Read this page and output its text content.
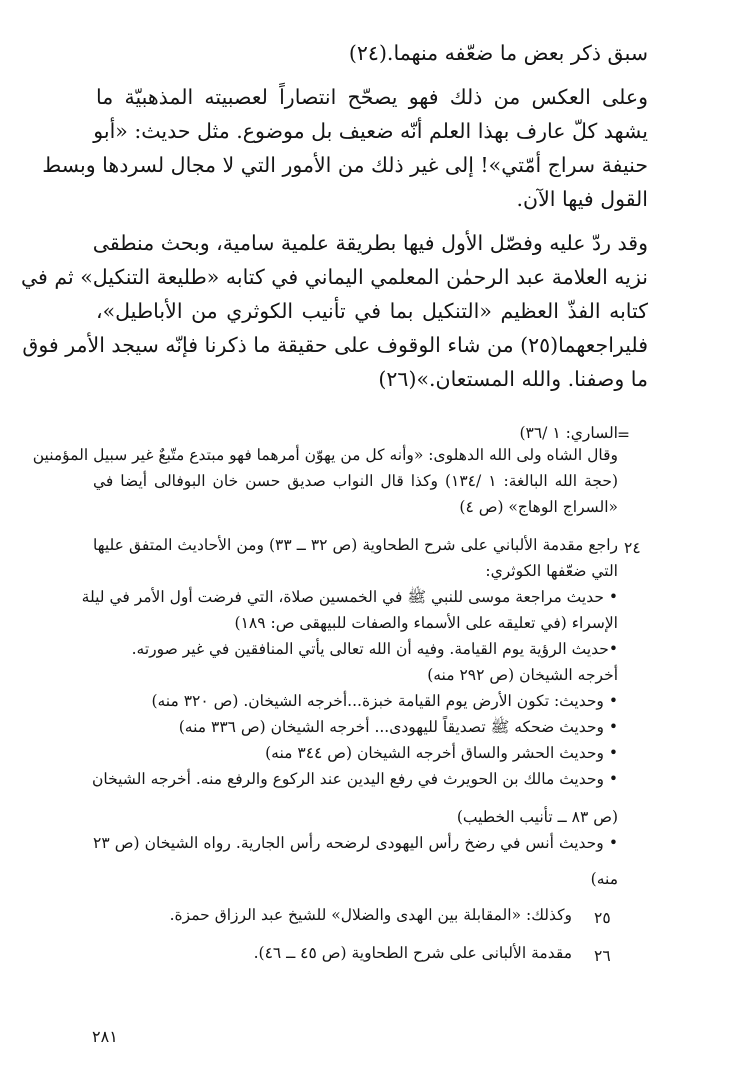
سبق ذكر بعض ما ضعّفه منهما.(٢٤)

وعلى العكس من ذلك فهو يصحّح انتصاراً لعصبيته المذهبيّة ما

يشهد كلّ عارف بهذا العلم أنّه ضعيف بل موضوع. مثل حديث: «أبو

حنيفة سراج أمّتي»! إلى غير ذلك من الأمور التي لا مجال لسردها وبسط

القول فيها الآن.

وقد ردّ عليه وفصّل الأول فيها بطريقة علمية سامية، وبحث منطقى

نزيه العلامة عبد الرحمٰن المعلمي اليماني في كتابه «طليعة التنكيل» ثم في

كتابه الفذّ العظيم «التنكيل بما في تأنيب الكوثري من الأباطيل»،

فليراجعهما(٢٥) من شاء الوقوف على حقيقة ما ذكرنا فإنّه سيجد الأمر فوق

ما وصفنا. والله المستعان.»(٢٦)

=

الساري: ١ /٣٦)

وقال الشاه ولى الله الدهلوى: «وأنه كل من يهوّن أمرهما فهو مبتدع متّبعٌ غير سبيل المؤمنين

(حجة الله البالغة: ١ /١٣٤) وكذا قال النواب صديق حسن خان البوفالى أيضا في

«السراج الوهاج» (ص ٤)

٢٤

راجع مقدمة الألباني على شرح الطحاوية (ص ٣٢ ــ ٣٣) ومن الأحاديث المتفق عليها

التي ضعّفها الكوثري:

• حديث مراجعة موسى للنبي ﷺ في الخمسين صلاة، التي فرضت أول الأمر في ليلة

الإسراء (في تعليقه على الأسماء والصفات للبيهقى ص: ١٨٩)

•حديث الرؤية يوم القيامة. وفيه أن الله تعالى يأتي المنافقين في غير صورته.

أخرجه الشيخان (ص ٢٩٢ منه)

• وحديث: تكون الأرض يوم القيامة خبزة...أخرجه الشيخان. (ص ٣٢٠ منه)

• وحديث ضحكه ﷺ تصديقاً لليهودى... أخرجه الشيخان (ص ٣٣٦ منه)

• وحديث الحشر والساق أخرجه الشيخان (ص ٣٤٤ منه)

• وحديث مالك بن الحويرث في رفع اليدين عند الركوع والرفع منه. أخرجه الشيخان

(ص ٨٣ ــ تأنيب الخطيب)

• وحديث أنس في رضخ رأس اليهودى لرضحه رأس الجارية. رواه الشيخان (ص ٢٣

منه)

٢٥

وكذلك: «المقابلة بين الهدى والضلال» للشيخ عبد الرزاق حمزة.

٢٦

مقدمة الألبانى على شرح الطحاوية (ص ٤٥ ــ ٤٦).

٢٨١
